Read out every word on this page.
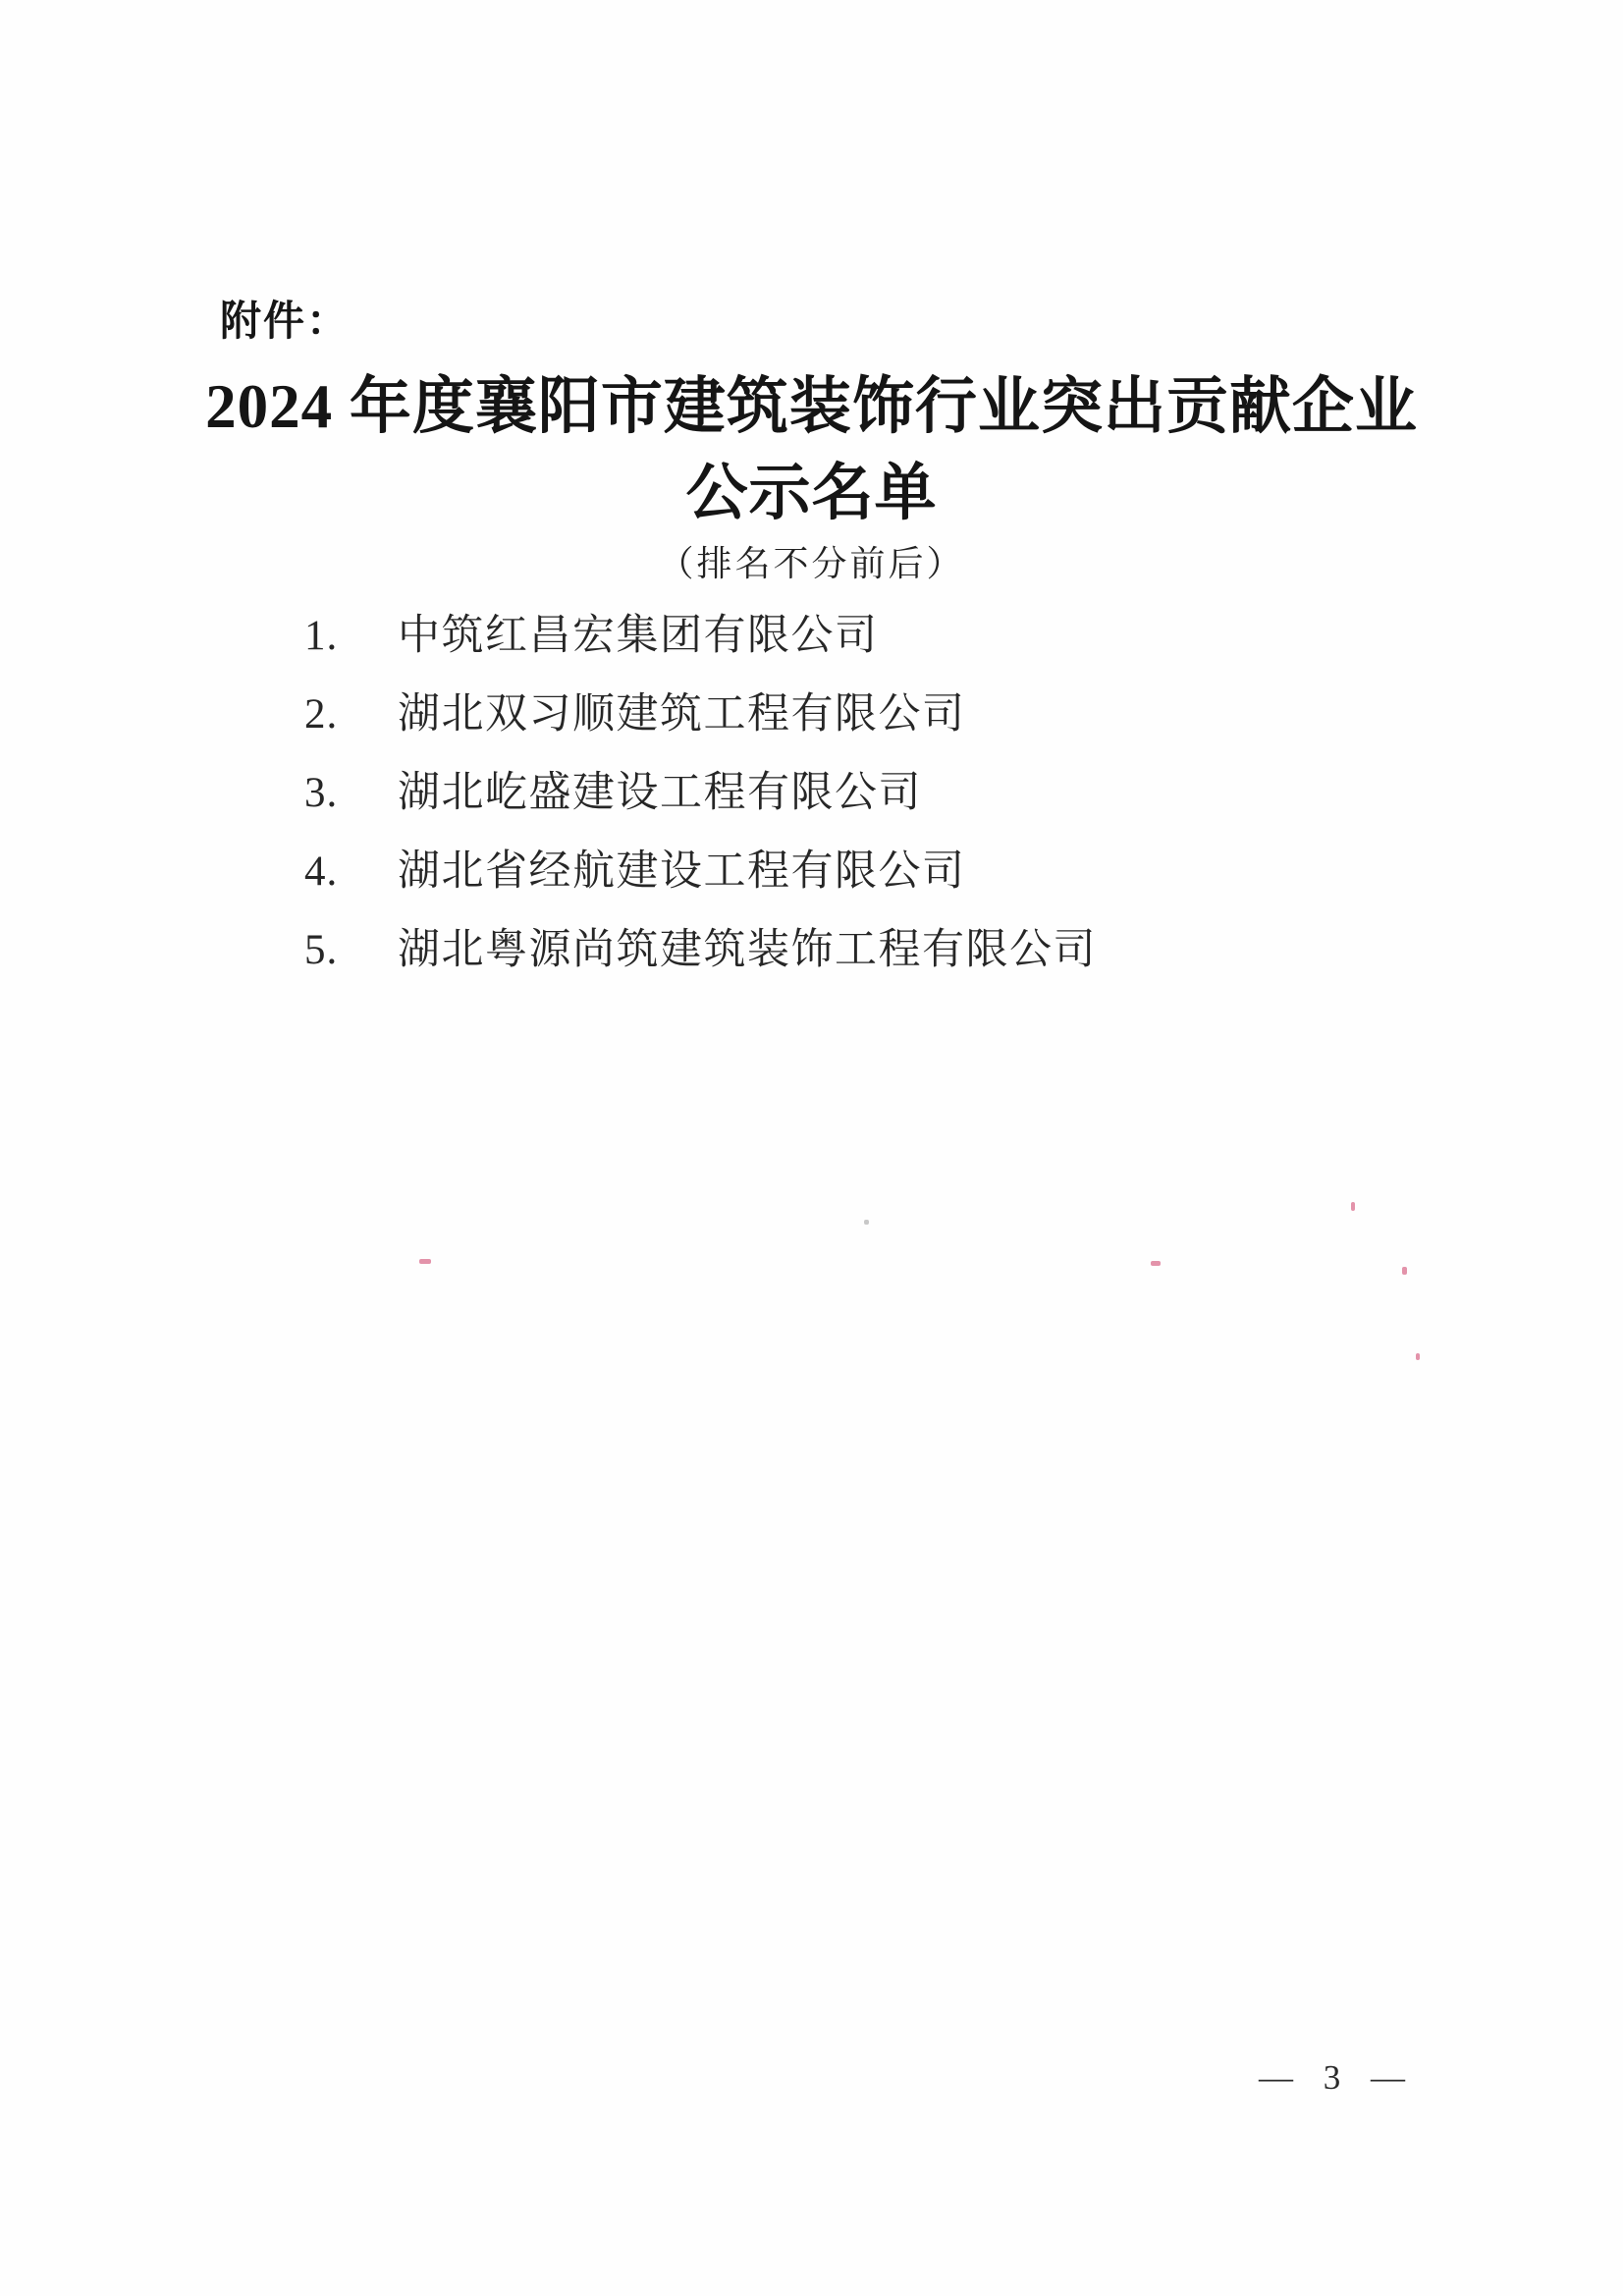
附件：
2024 年度襄阳市建筑装饰行业突出贡献企业
公示名单
（排名不分前后）
1.	中筑红昌宏集团有限公司
2.	湖北双习顺建筑工程有限公司
3.	湖北屹盛建设工程有限公司
4.	湖北省经航建设工程有限公司
5.	湖北粤源尚筑建筑装饰工程有限公司
— 3 —
